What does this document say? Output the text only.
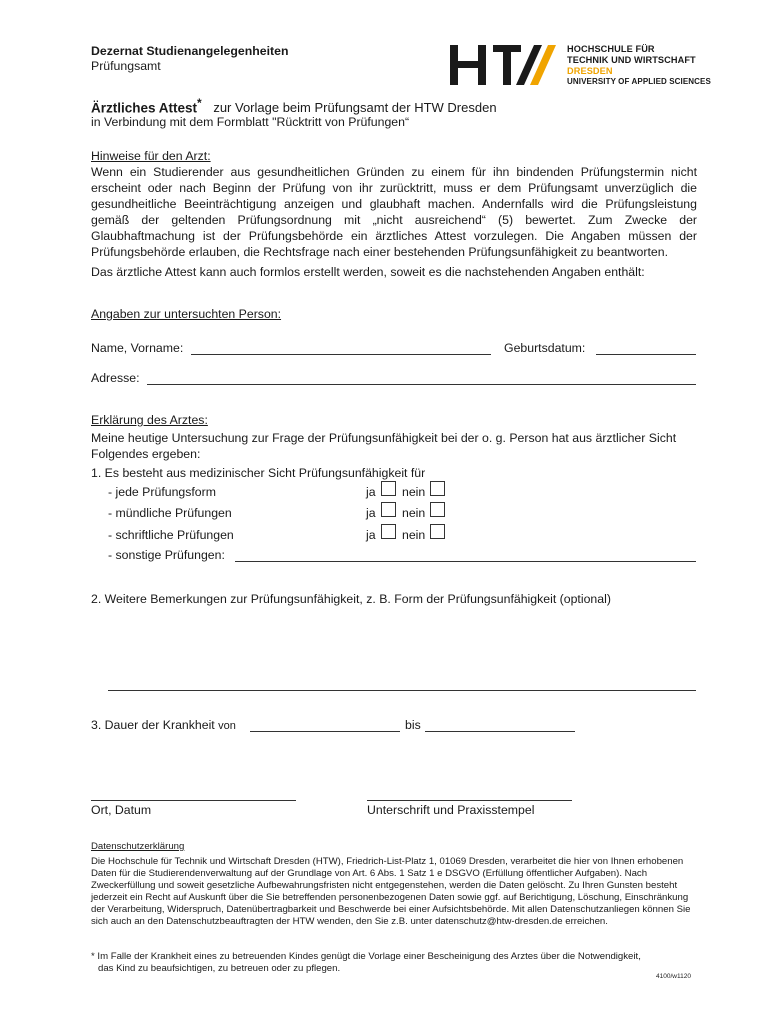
Dezernat Studienangelegenheiten
Prüfungsamt
HOCHSCHULE FÜR
TECHNIK UND WIRTSCHAFT
DRESDEN
UNIVERSITY OF APPLIED SCIENCES
Ärztliches Attest* zur Vorlage beim Prüfungsamt der HTW Dresden
in Verbindung mit dem Formblatt "Rücktritt von Prüfungen“
Hinweise für den Arzt:
Wenn ein Studierender aus gesundheitlichen Gründen zu einem für ihn bindenden Prüfungstermin nicht erscheint oder nach Beginn der Prüfung von ihr zurücktritt, muss er dem Prüfungsamt unverzüglich die gesundheitliche Beeinträchtigung anzeigen und glaubhaft machen. Andernfalls wird die Prüfungsleistung gemäß der geltenden Prüfungsordnung mit „nicht ausreichend“ (5) bewertet. Zum Zwecke der Glaubhaftmachung ist der Prüfungsbehörde ein ärztliches Attest vorzulegen. Die Angaben müssen der Prüfungsbehörde erlauben, die Rechtsfrage nach einer bestehenden Prüfungsunfähigkeit zu beantworten.
Das ärztliche Attest kann auch formlos erstellt werden, soweit es die nachstehenden Angaben enthält:
Angaben zur untersuchten Person:
Name, Vorname:	Geburtsdatum:
Adresse:
Erklärung des Arztes:
Meine heutige Untersuchung zur Frage der Prüfungsunfähigkeit bei der o. g. Person hat aus ärztlicher Sicht Folgendes ergeben:
1. Es besteht aus medizinischer Sicht Prüfungsunfähigkeit für
- jede Prüfungsform	ja nein
- mündliche Prüfungen	ja nein
- schriftliche Prüfungen	ja nein
- sonstige Prüfungen:
2. Weitere Bemerkungen zur Prüfungsunfähigkeit, z. B. Form der Prüfungsunfähigkeit (optional)
3. Dauer der Krankheit von	bis
Ort, Datum	Unterschrift und Praxisstempel
Datenschutzerklärung
Die Hochschule für Technik und Wirtschaft Dresden (HTW), Friedrich-List-Platz 1, 01069 Dresden, verarbeitet die hier von Ihnen erhobenen Daten für die Studierendenverwaltung auf der Grundlage von Art. 6 Abs. 1 Satz 1 e DSGVO (Erfüllung öffentlicher Aufgaben). Nach Zweckerfüllung und soweit gesetzliche Aufbewahrungsfristen nicht entgegenstehen, werden die Daten gelöscht. Zu Ihren Gunsten besteht jederzeit ein Recht auf Auskunft über die Sie betreffenden personenbezogenen Daten sowie ggf. auf Berichtigung, Löschung, Einschränkung der Verarbeitung, Widerspruch, Datenübertragbarkeit und Beschwerde bei einer Aufsichtsbehörde. Mit allen Datenschutzanliegen können Sie sich auch an den Datenschutzbeauftragten der HTW wenden, den Sie z.B. unter datenschutz@htw-dresden.de erreichen.
* Im Falle der Krankheit eines zu betreuenden Kindes genügt die Vorlage einer Bescheinigung des Arztes über die Notwendigkeit,
das Kind zu beaufsichtigen, zu betreuen oder zu pflegen.
4100/w1120
